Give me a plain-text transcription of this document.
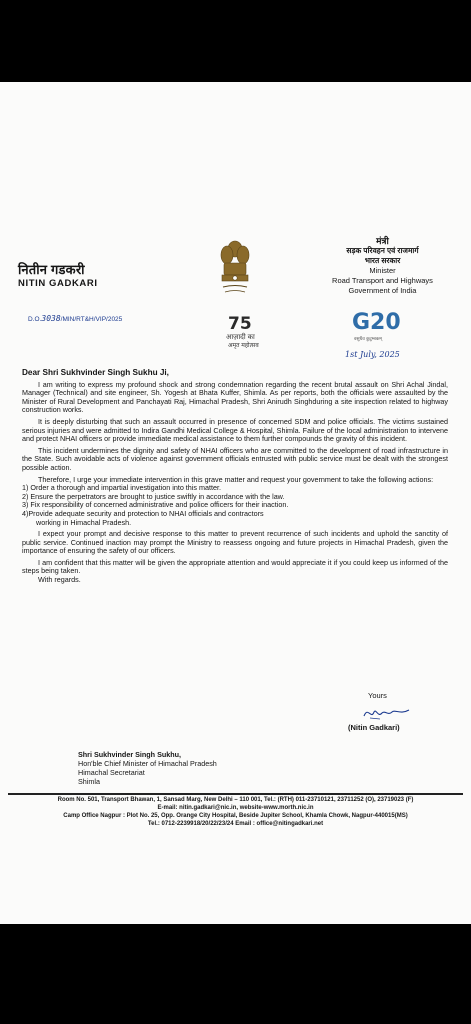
नितीन गडकरी
NITIN GADKARI
75
आज़ादी का
अमृत महोत्सव
मंत्री
सड़क परिवहन एवं राजमार्ग
भारत सरकार
Minister
Road Transport and Highways
Government of India
G20
वसुधैव कुटुम्बकम्
D.O.3038/MIN/RT&H/VIP/2025
1st July, 2025
Dear Shri Sukhvinder Singh Sukhu Ji,

I am writing to express my profound shock and strong condemnation regarding the recent brutal assault on Shri Achal Jindal, Manager (Technical) and site engineer, Sh. Yogesh at Bhata Kuffer, Shimla. As per reports, both the officials were assaulted by the Minister of Rural Development and Panchayati Raj, Himachal Pradesh, Shri Anirudh Singhduring a site inspection related to highway construction works.

It is deeply disturbing that such an assault occurred in presence of concerned SDM and police officials. The victims sustained serious injuries and were admitted to Indira Gandhi Medical College & Hospital, Shimla. Failure of the local administration to intervene and protect NHAI officers or provide immediate medical assistance to them further compounds the gravity of this incident.

This incident undermines the dignity and safety of NHAI officers who are committed to the development of road infrastructure in the State. Such avoidable acts of violence against government officials entrusted with public service must be dealt with the strongest possible action.

Therefore, I urge your immediate intervention in this grave matter and request your government to take the following actions:

1) Order a thorough and impartial investigation into this matter.

2) Ensure the perpetrators are brought to justice swiftly in accordance with the law.

3) Fix responsibility of concerned administrative and police officers for their inaction.

4)Provide adequate security and protection to NHAI officials and contractors

working in Himachal Pradesh.

I expect your prompt and decisive response to this matter to prevent recurrence of such incidents and uphold the sanctity of public service. Continued inaction may prompt the Ministry to reassess ongoing and future projects in Himachal Pradesh, given the importance of ensuring the safety of our officers.

I am confident that this matter will be given the appropriate attention and would appreciate it if you could keep us informed of the steps being taken.

With regards.

Yours
(Nitin Gadkari)
Shri Sukhvinder Singh Sukhu,
Hon'ble Chief Minister of Himachal Pradesh
Himachal Secretariat
Shimla
Room No. 501, Transport Bhawan, 1, Sansad Marg, New Delhi – 110 001, Tel.: (RTH) 011-23710121, 23711252 (O), 23719023 (F)
E-mail: nitin.gadkari@nic.in, website-www.morth.nic.in
Camp Office Nagpur : Plot No. 25, Opp. Orange City Hospital, Beside Jupiter School, Khamla Chowk, Nagpur-440015(MS)
Tel.: 0712-2239918/20/22/23/24 Email : office@nitingadkari.net
